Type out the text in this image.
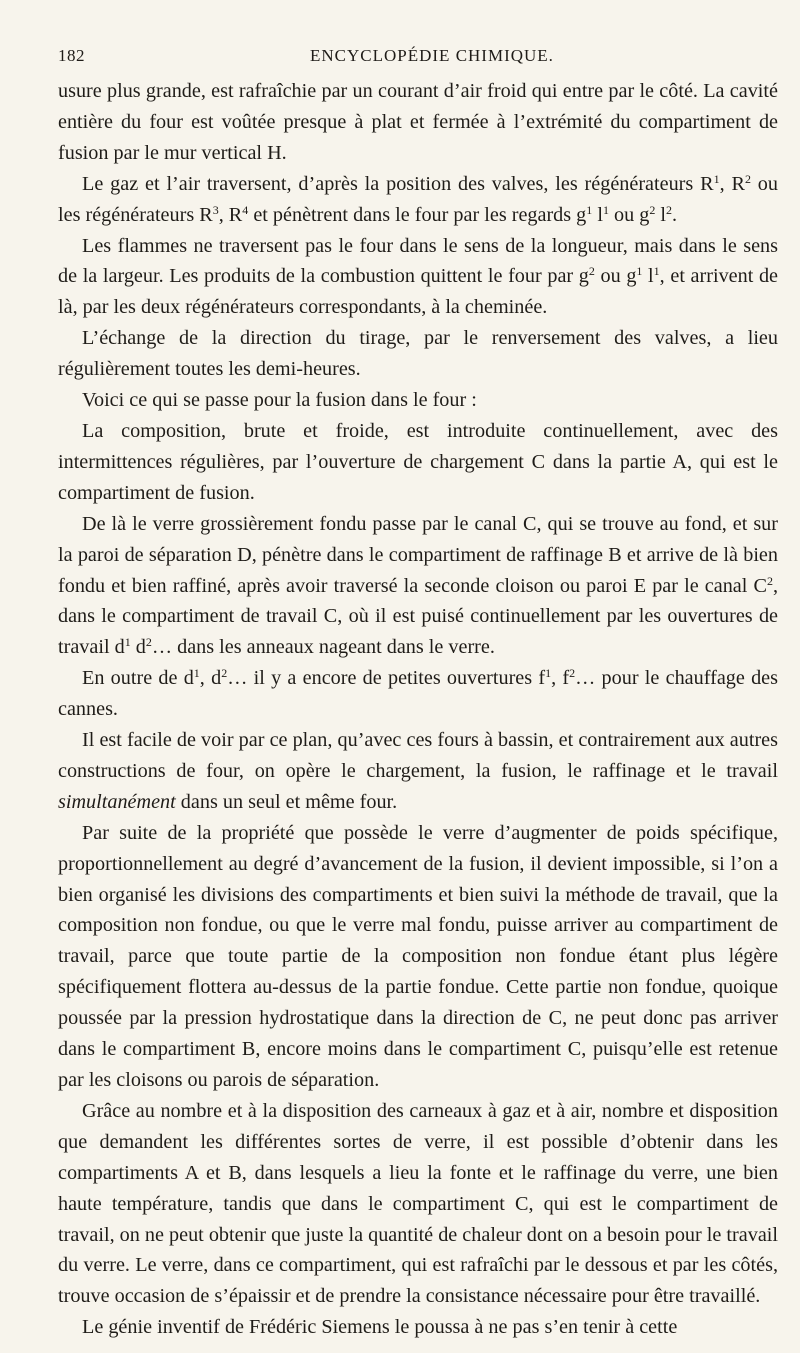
182	ENCYCLOPÉDIE CHIMIQUE.

usure plus grande, est rafraîchie par un courant d’air froid qui entre par le côté. La cavité entière du four est voûtée presque à plat et fermée à l’extrémité du compartiment de fusion par le mur vertical H.

Le gaz et l’air traversent, d’après la position des valves, les régénérateurs $R^1$, $R^2$ ou les régénérateurs $R^3$, $R^4$ et pénètrent dans le four par les regards $g^1$ $l^1$ ou $g^2$ $l^2$.

Les flammes ne traversent pas le four dans le sens de la longueur, mais dans le sens de la largeur. Les produits de la combustion quittent le four par $g^2$ ou $g^1$ $l^1$, et arrivent de là, par les deux régénérateurs correspondants, à la cheminée.

L’échange de la direction du tirage, par le renversement des valves, a lieu régulièrement toutes les demi-heures.

Voici ce qui se passe pour la fusion dans le four :

La composition, brute et froide, est introduite continuellement, avec des intermittences régulières, par l’ouverture de chargement C dans la partie A, qui est le compartiment de fusion.

De là le verre grossièrement fondu passe par le canal C, qui se trouve au fond, et sur la paroi de séparation D, pénètre dans le compartiment de raffinage B et arrive de là bien fondu et bien raffiné, après avoir traversé la seconde cloison ou paroi E par le canal $C^2$, dans le compartiment de travail C, où il est puisé continuellement par les ouvertures de travail $d^1$ $d^2\dots$ dans les anneaux nageant dans le verre.

En outre de $d^1$, $d^2\dots$ il y a encore de petites ouvertures $f^1$, $f^2\dots$ pour le chauffage des cannes.

Il est facile de voir par ce plan, qu’avec ces fours à bassin, et contrairement aux autres constructions de four, on opère le chargement, la fusion, le raffinage et le travail simultanément dans un seul et même four.

Par suite de la propriété que possède le verre d’augmenter de poids spécifique, proportionnellement au degré d’avancement de la fusion, il devient impossible, si l’on a bien organisé les divisions des compartiments et bien suivi la méthode de travail, que la composition non fondue, ou que le verre mal fondu, puisse arriver au compartiment de travail, parce que toute partie de la composition non fondue étant plus légère spécifiquement flottera au-dessus de la partie fondue. Cette partie non fondue, quoique poussée par la pression hydrostatique dans la direction de C, ne peut donc pas arriver dans le compartiment B, encore moins dans le compartiment C, puisqu’elle est retenue par les cloisons ou parois de séparation.

Grâce au nombre et à la disposition des carneaux à gaz et à air, nombre et disposition que demandent les différentes sortes de verre, il est possible d’obtenir dans les compartiments A et B, dans lesquels a lieu la fonte et le raffinage du verre, une bien haute température, tandis que dans le compartiment C, qui est le compartiment de travail, on ne peut obtenir que juste la quantité de chaleur dont on a besoin pour le travail du verre. Le verre, dans ce compartiment, qui est rafraîchi par le dessous et par les côtés, trouve occasion de s’épaissir et de prendre la consistance nécessaire pour être travaillé.

Le génie inventif de Frédéric Siemens le poussa à ne pas s’en tenir à cette
